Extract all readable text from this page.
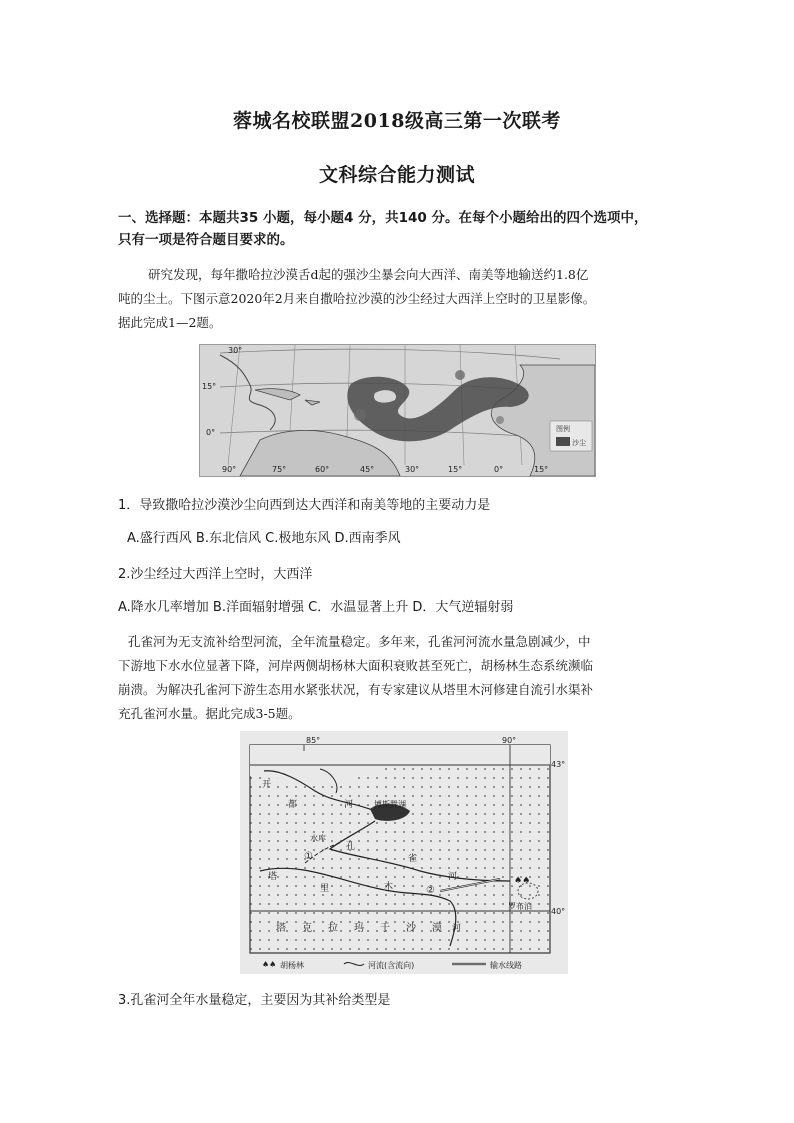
蓉城名校联盟2018级高三第一次联考
文科综合能力测试
一、选择题：本题共35 小题，每小题4 分，共140 分。在每个小题给出的四个选项中，
只有一项是符合题目要求的。
研究发现，每年撒哈拉沙漠舌d起的强沙尘暴会向大西洋、南美等地输送约1.8亿
吨的尘土。下图示意2020年2月来自撒哈拉沙漠的沙尘经过大西洋上空时的卫星影像。
据此完成1—2题。
图例
沙尘
30°
15°
0°
90°	75°	60°	45°	30°	15°	0°	15°
1．导致撒哈拉沙漠沙尘向西到达大西洋和南美等地的主要动力是
A.盛行西风 B.东北信风 C.极地东风 D.西南季风
2.沙尘经过大西洋上空时，大西洋
A.降水几率增加 B.洋面辐射增强 C．水温显著上升 D．大气逆辐射弱
孔雀河为无支流补给型河流，全年流量稳定。多年来，孔雀河河流水量急剧减少，中
下游地下水水位显著下降，河岸两侧胡杨林大面积衰败甚至死亡，胡杨林生态系统濒临
崩溃。为解决孔雀河下游生态用水紧张状况，有专家建议从塔里木河修建自流引水渠补
充孔雀河水量。据此完成3-5题。
♠♠
85°	90°
43°
40°
博斯腾湖
水库
罗布泊
①
②
开
都	河
孔
雀
河
塔
里	木
河
塔 克 拉 玛 于 沙 漠
♠♠ 胡杨林	河流(含流向)	输水线路
3.孔雀河全年水量稳定，主要因为其补给类型是
